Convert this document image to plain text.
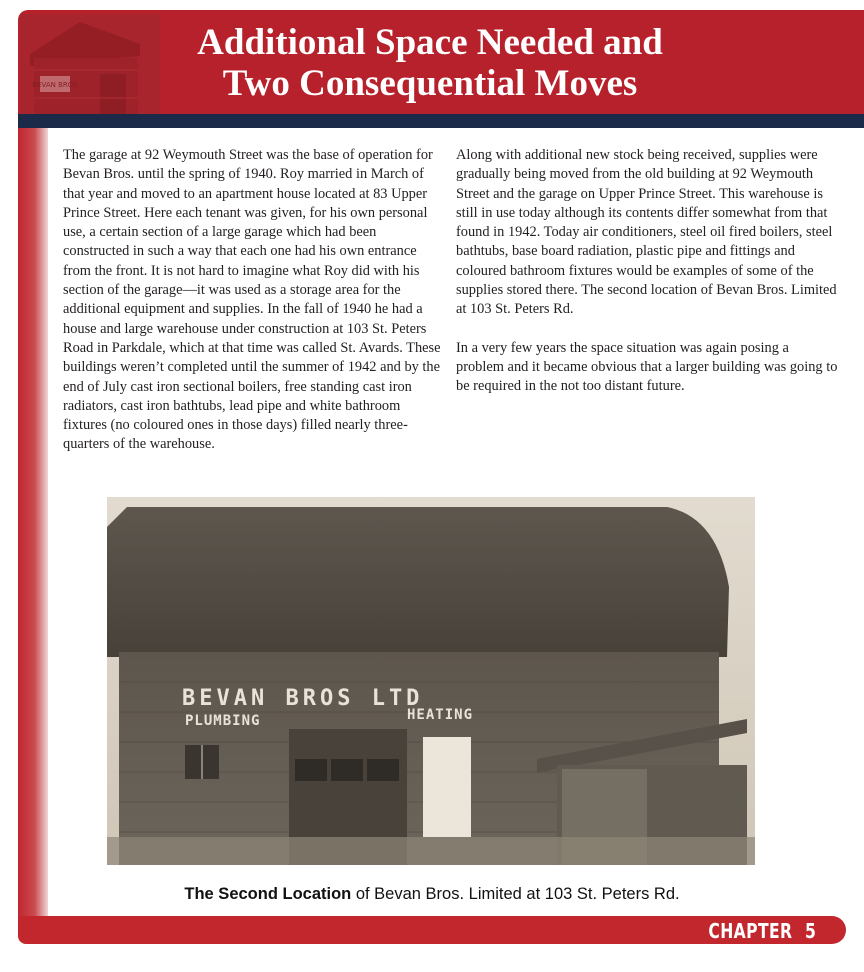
BEVAN BROS
Additional Space Needed and
Two Consequential Moves

The garage at 92 Weymouth Street was the base of operation for Bevan Bros. until the spring of 1940. Roy married in March of that year and moved to an apartment house located at 83 Upper Prince Street. Here each tenant was given, for his own personal use, a certain section of a large garage which had been constructed in such a way that each one had his own entrance from the front. It is not hard to imagine what Roy did with his section of the garage—it was used as a storage area for the additional equipment and supplies. In the fall of 1940 he had a house and large warehouse under construction at 103 St. Peters Road in Parkdale, which at that time was called St. Avards. These buildings weren’t completed until the summer of 1942 and by the end of July cast iron sectional boilers, free standing cast iron radiators, cast iron bathtubs, lead pipe and white bathroom fixtures (no coloured ones in those days) filled nearly three-quarters of the warehouse.

Along with additional new stock being received, supplies were gradually being moved from the old building at 92 Weymouth Street and the garage on Upper Prince Street. This warehouse is still in use today although its contents differ somewhat from that found in 1942. Today air conditioners, steel oil fired boilers, steel bathtubs, base board radiation, plastic pipe and fittings and coloured bathroom fixtures would be examples of some of the supplies stored there. The second location of Bevan Bros. Limited at 103 St. Peters Rd.

In a very few years the space situation was again posing a problem and it became obvious that a larger building was going to be required in the not too distant future.

BEVAN BROS LTD
PLUMBING	HEATING
The Second Location of Bevan Bros. Limited at 103 St. Peters Rd.
CHAPTER 5
